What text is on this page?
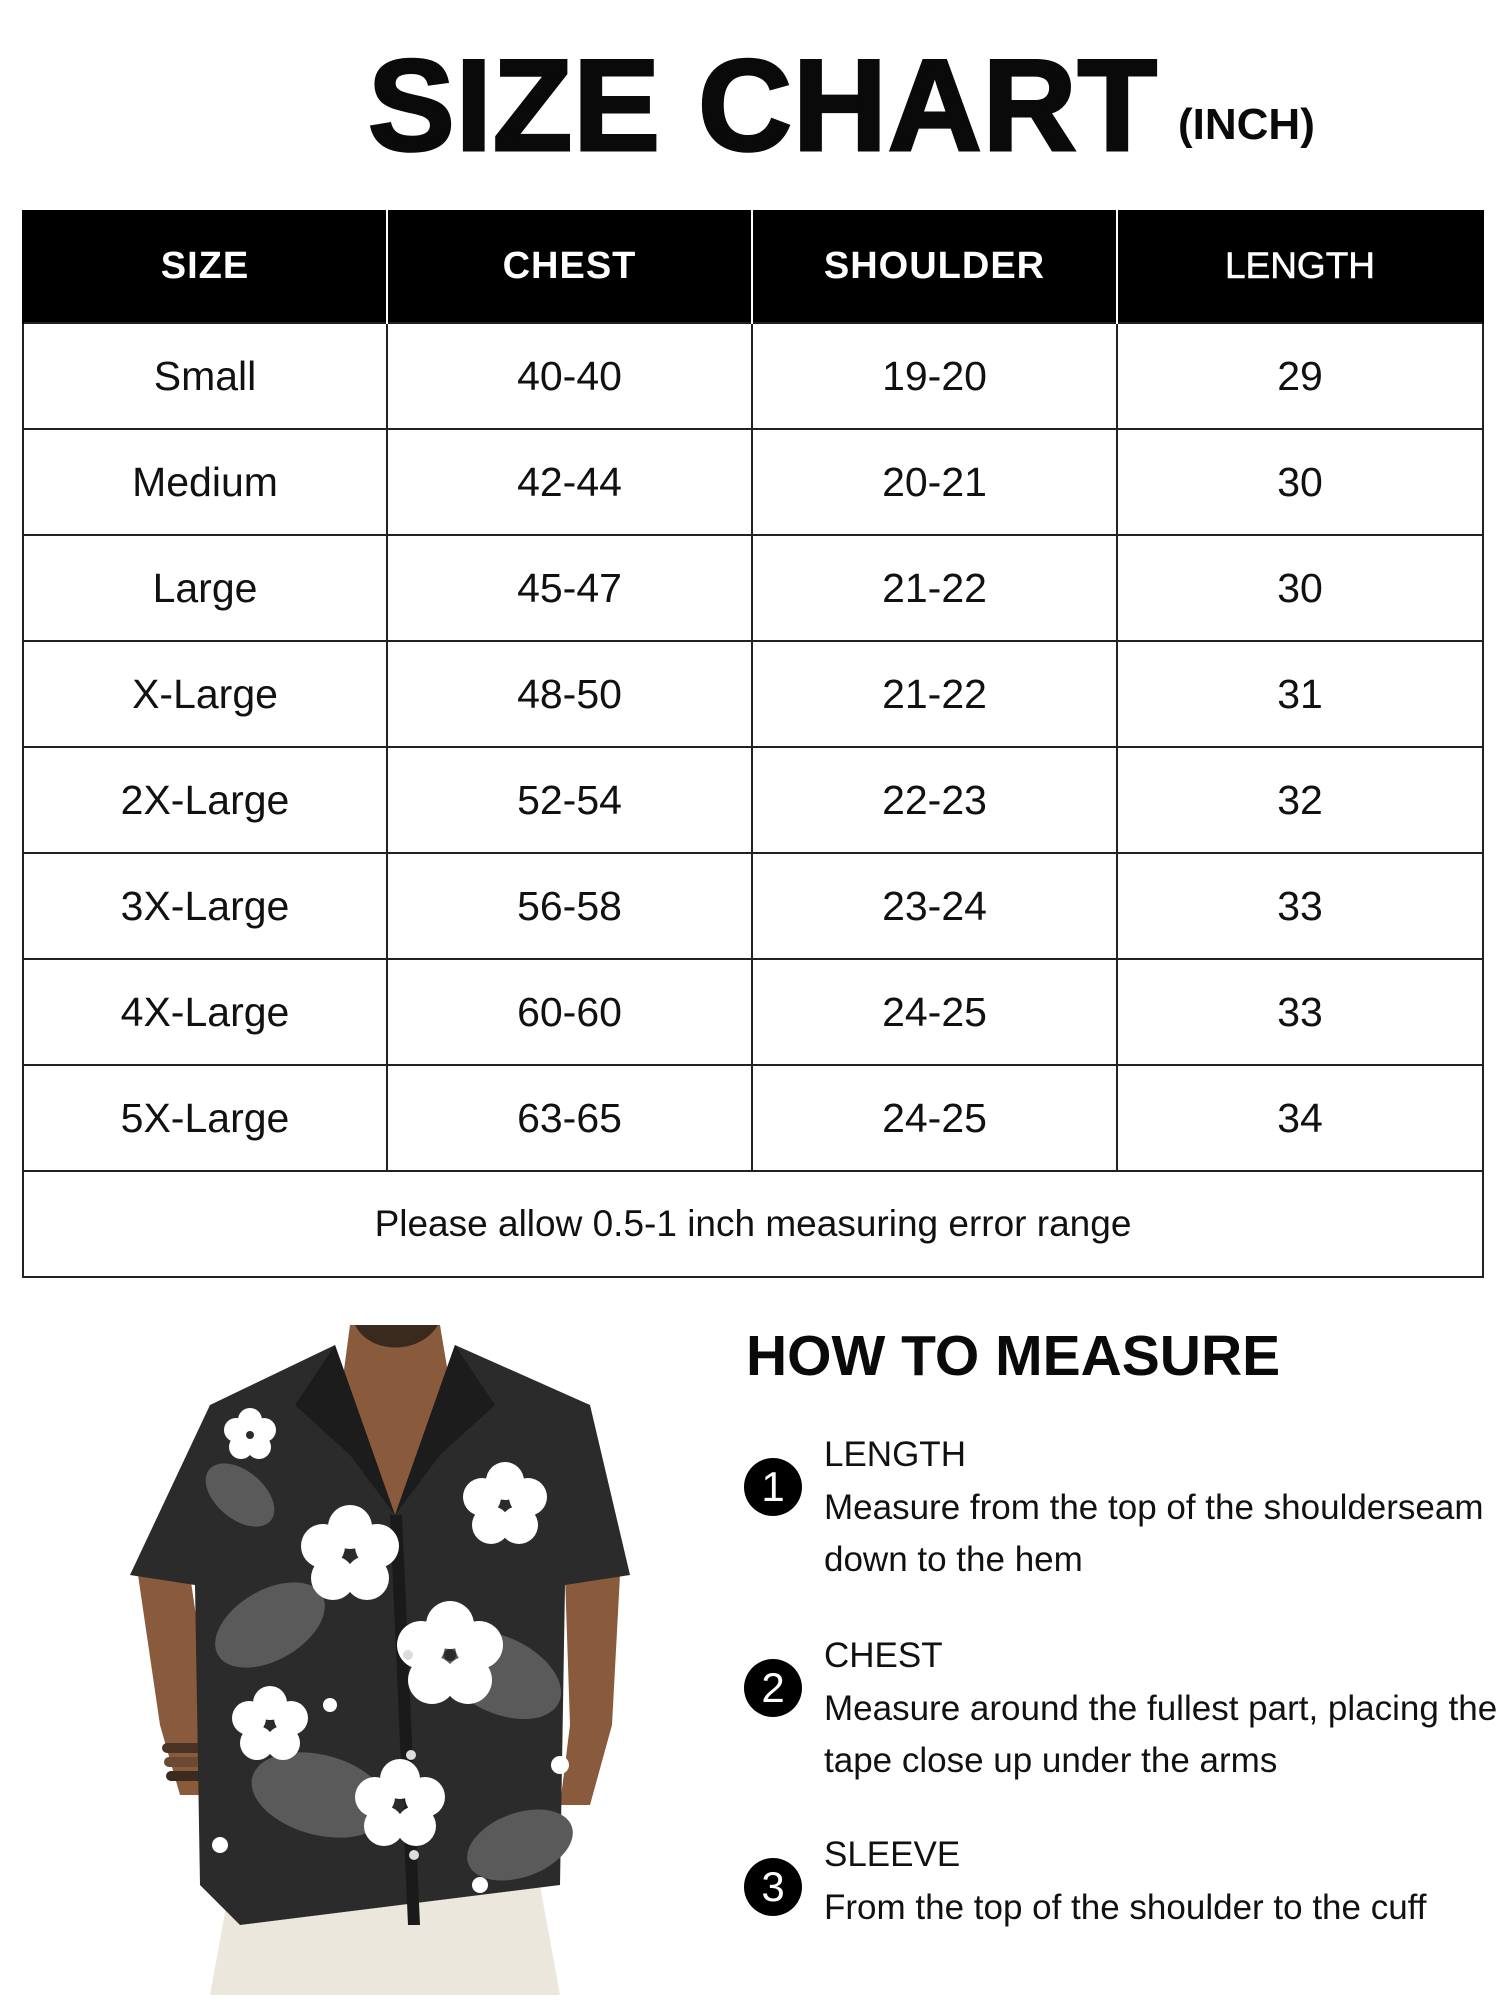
SIZE CHART (INCH)
SIZE	CHEST	SHOULDER	LENGTH
Small	40-40	19-20	29
Medium	42-44	20-21	30
Large	45-47	21-22	30
X-Large	48-50	21-22	31
2X-Large	52-54	22-23	32
3X-Large	56-58	23-24	33
4X-Large	60-60	24-25	33
5X-Large	63-65	24-25	34
Please allow 0.5-1 inch measuring error range			
HOW TO MEASURE
1
LENGTH
Measure from the top of the shoulderseam down to the hem
2
CHEST
Measure around the fullest part, placing the tape close up under the arms
3
SLEEVE
From the top of the shoulder to the cuff
